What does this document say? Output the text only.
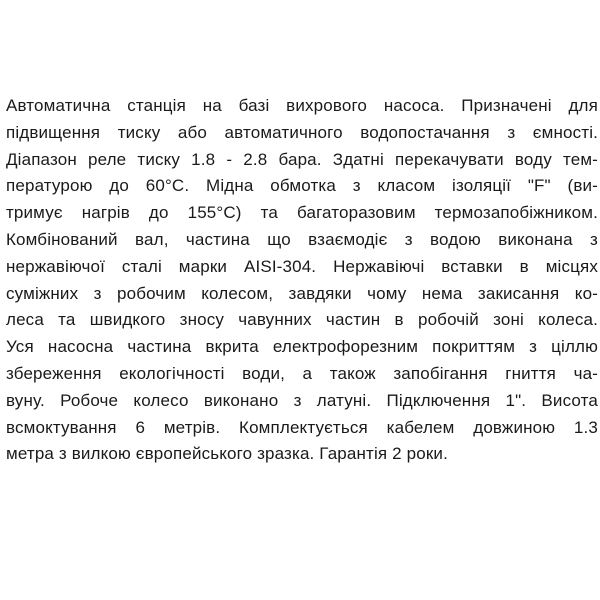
Автоматична станція на базі вихрового насоса. Призначені для
підвищення тиску або автоматичного водопостачання з ємності.
Діапазон реле тиску 1.8 - 2.8 бара. Здатні перекачувати воду тем-
пературою до 60°С. Мідна обмотка з класом ізоляції "F" (ви-
тримує нагрів до 155°С) та багаторазовим термозапобіжником.
Комбінований вал, частина що взаємодіє з водою виконана з
нержавіючої сталі марки AISI-304. Нержавіючі вставки в місцях
суміжних з робочим колесом, завдяки чому нема закисання ко-
леса та швидкого зносу чавунних частин в робочій зоні колеса.
Уся насосна частина вкрита електрофорезним покриттям з ціллю
збереження екологічності води, а також запобігання гниття ча-
вуну. Робоче колесо виконано з латуні. Підключення 1". Висота
всмоктування 6 метрів. Комплектується кабелем довжиною 1.3
метра з вилкою європейського зразка. Гарантія 2 роки.
